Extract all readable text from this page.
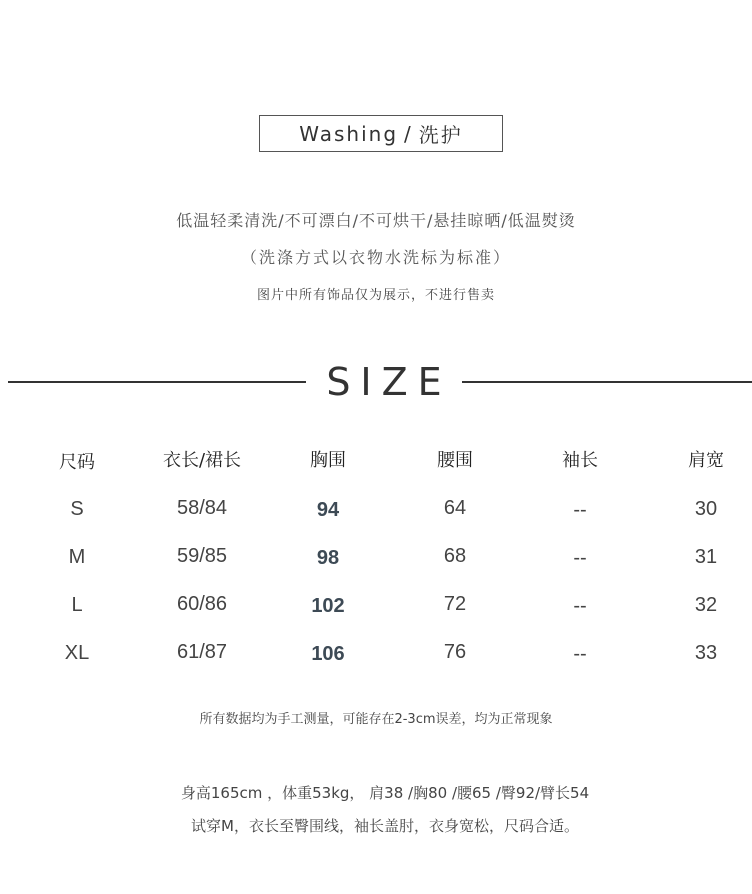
Washing / 洗护
低温轻柔清洗/不可漂白/不可烘干/悬挂晾晒/低温熨烫
（洗涤方式以衣物水洗标为标准）
图片中所有饰品仅为展示，不进行售卖
SIZE
尺码	衣长/裙长	胸围	腰围	袖长	肩宽
S	58/84	94	64	--	30
M	59/85	98	68	--	31
L	60/86	102	72	--	32
XL	61/87	106	76	--	33
所有数据均为手工测量，可能存在2-3cm误差，均为正常现象
身高165cm ，体重53kg， 肩38 /胸80 /腰65 /臀92/臂长54
试穿M，衣长至臀围线，袖长盖肘，衣身宽松，尺码合适。
